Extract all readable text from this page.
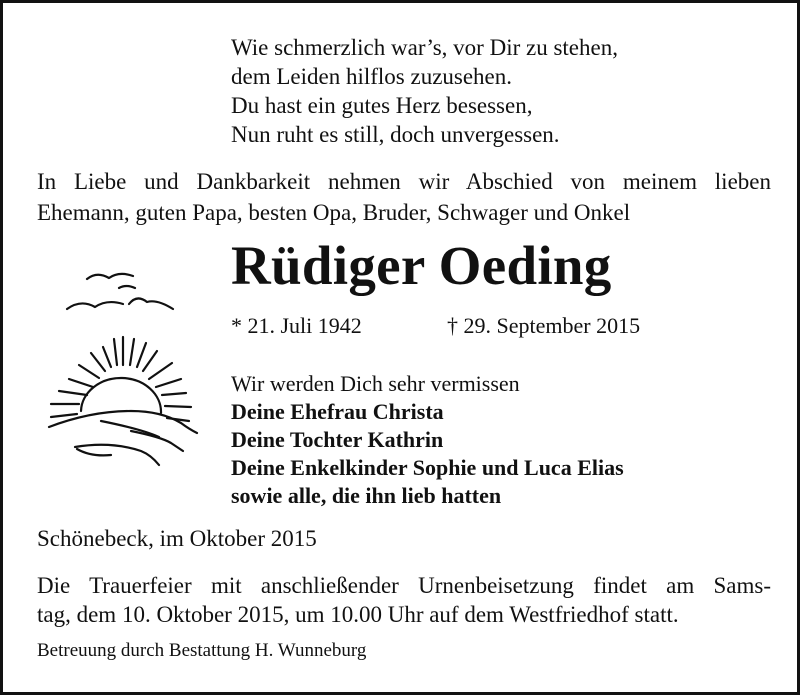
Wie schmerzlich war’s, vor Dir zu stehen,
dem Leiden hilflos zuzusehen.
Du hast ein gutes Herz besessen,
Nun ruht es still, doch unvergessen.
In Liebe und Dankbarkeit nehmen wir Abschied von meinem lieben
Ehemann, guten Papa, besten Opa, Bruder, Schwager und Onkel
Rüdiger Oeding
* 21. Juli 1942	† 29. September 2015
Wir werden Dich sehr vermissen
Deine Ehefrau Christa
Deine Tochter Kathrin
Deine Enkelkinder Sophie und Luca Elias
sowie alle, die ihn lieb hatten
Schönebeck, im Oktober 2015
Die Trauerfeier mit anschließender Urnenbeisetzung findet am Sams-
tag, dem 10. Oktober 2015, um 10.00 Uhr auf dem Westfriedhof statt.
Betreuung durch Bestattung H. Wunneburg
